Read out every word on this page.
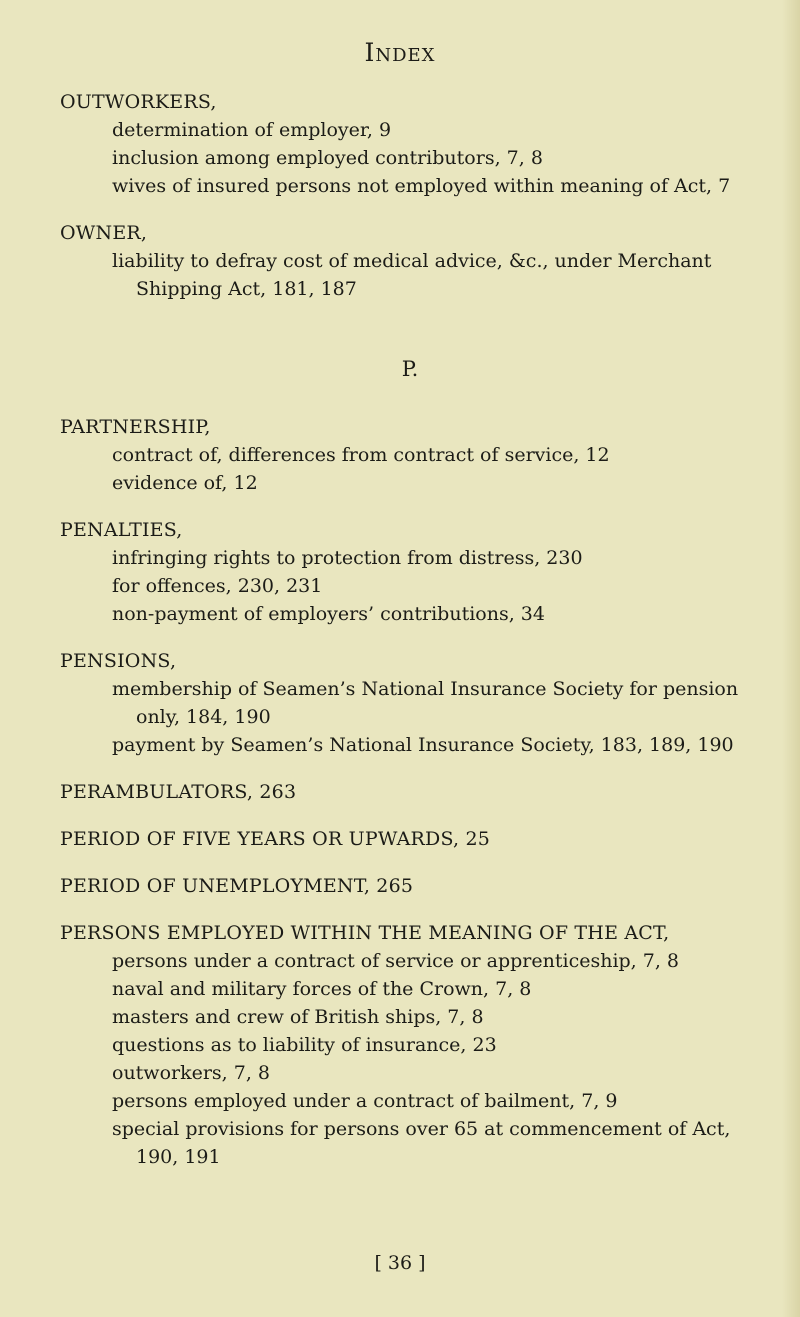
Index
OUTWORKERS,
determination of employer, 9
inclusion among employed contributors, 7, 8
wives of insured persons not employed within meaning of Act, 7
OWNER,
liability to defray cost of medical advice, &c., under Merchant Shipping Act, 181, 187
P.
PARTNERSHIP,
contract of, differences from contract of service, 12
evidence of, 12
PENALTIES,
infringing rights to protection from distress, 230
for offences, 230, 231
non-payment of employers’ contributions, 34
PENSIONS,
membership of Seamen’s National Insurance Society for pension only, 184, 190
payment by Seamen’s National Insurance Society, 183, 189, 190
PERAMBULATORS, 263
PERIOD OF FIVE YEARS OR UPWARDS, 25
PERIOD OF UNEMPLOYMENT, 265
PERSONS EMPLOYED WITHIN THE MEANING OF THE ACT,
persons under a contract of service or apprenticeship, 7, 8
naval and military forces of the Crown, 7, 8
masters and crew of British ships, 7, 8
questions as to liability of insurance, 23
outworkers, 7, 8
persons employed under a contract of bailment, 7, 9
special provisions for persons over 65 at commencement of Act, 190, 191
[ 36 ]
